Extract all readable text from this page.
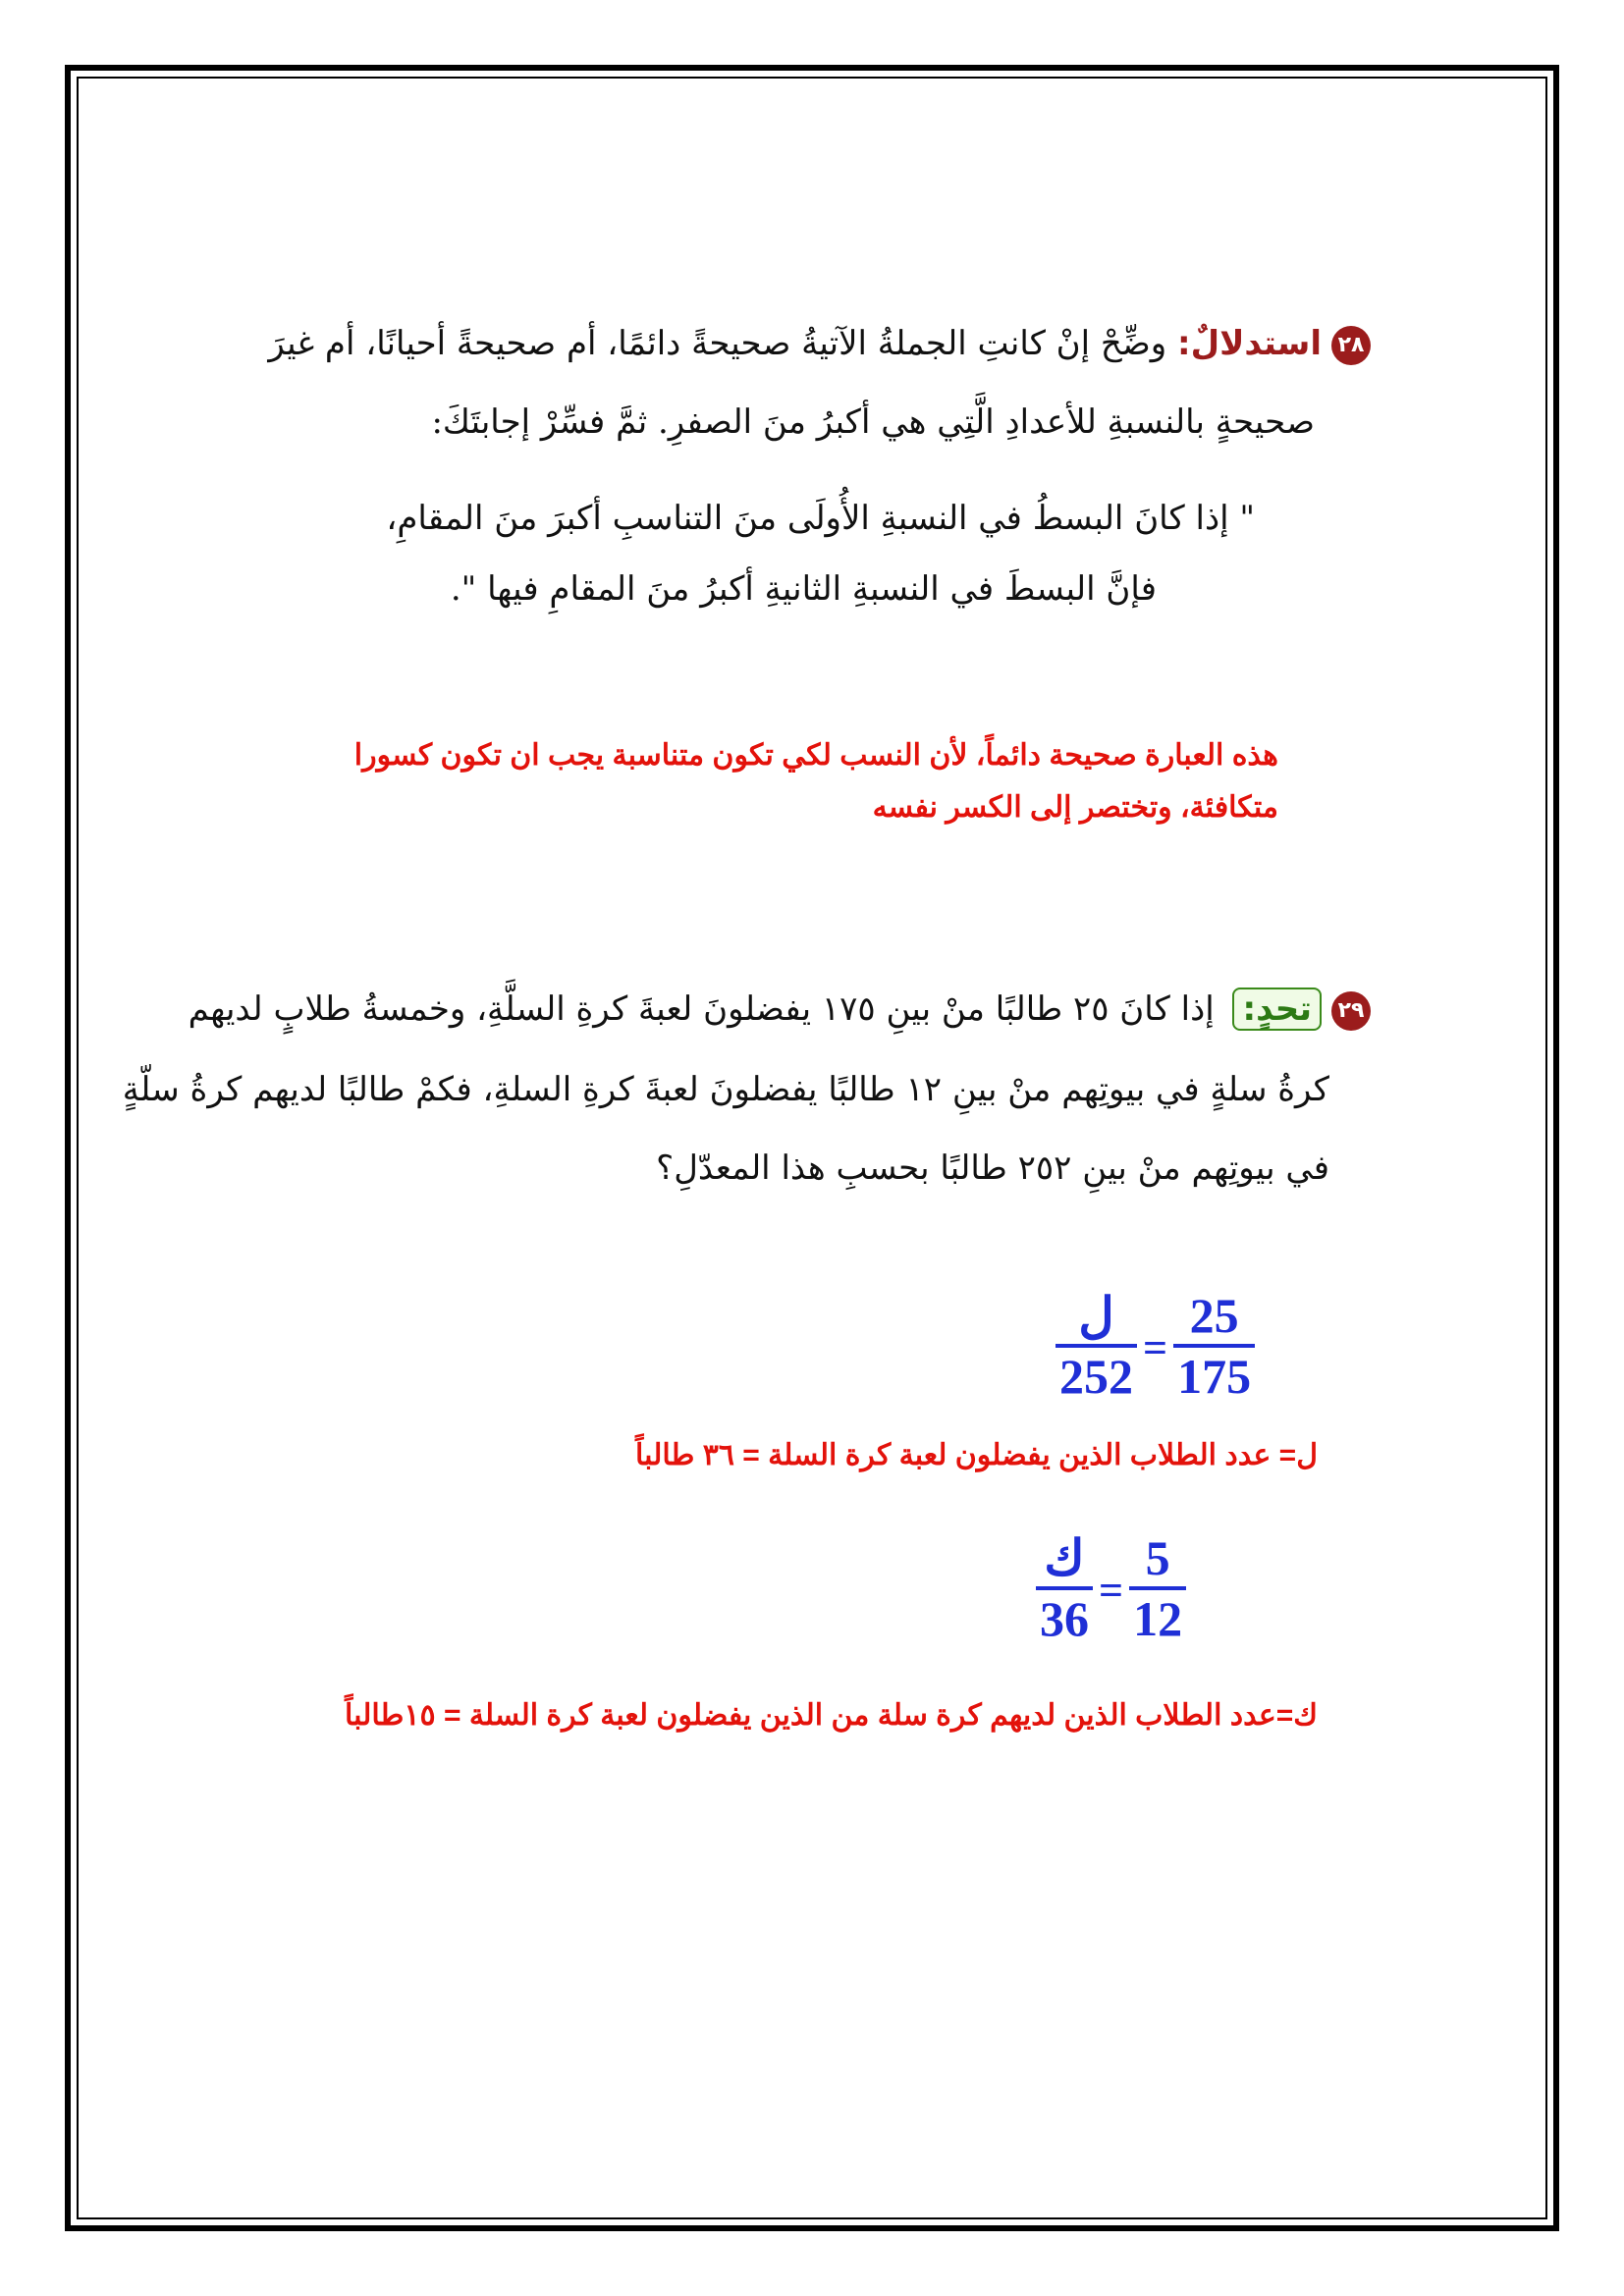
٢٨استدلالٌ: وضِّحْ إنْ كانتِ الجملةُ الآتيةُ صحيحةً دائمًا، أم صحيحةً أحيانًا، أم غيرَ
صحيحةٍ بالنسبةِ للأعدادِ الَّتِي هي أكبرُ منَ الصفرِ. ثمَّ فسِّرْ إجابتَكَ:
" إذا كانَ البسطُ في النسبةِ الأُولَى منَ التناسبِ أكبرَ منَ المقامِ،
فإنَّ البسطَ في النسبةِ الثانيةِ أكبرُ منَ المقامِ فيها ".
هذه العبارة صحيحة دائماً، لأن النسب لكي تكون متناسبة يجب ان تكون كسورا
متكافئة، وتختصر إلى الكسر نفسه
٢٩تحدٍ: إذا كانَ ٢٥ طالبًا منْ بينِ ١٧٥ يفضلونَ لعبةَ كرةِ السلَّةِ، وخمسةُ طلابٍ لديهم
كرةُ سلةٍ في بيوتِهم منْ بينِ ١٢ طالبًا يفضلونَ لعبةَ كرةِ السلةِ، فكمْ طالبًا لديهم كرةُ سلّةٍ
في بيوتِهم منْ بينِ ٢٥٢ طالبًا بحسبِ هذا المعدّلِ؟
$\frac{\text{ل}}{252} = \frac{25}{175}$
ل= عدد الطلاب الذين يفضلون لعبة كرة السلة = ٣٦ طالباً
$\frac{\text{ك}}{36} = \frac{5}{12}$
ك=عدد الطلاب الذين لديهم كرة سلة من الذين يفضلون لعبة كرة السلة = ١٥طالباً
